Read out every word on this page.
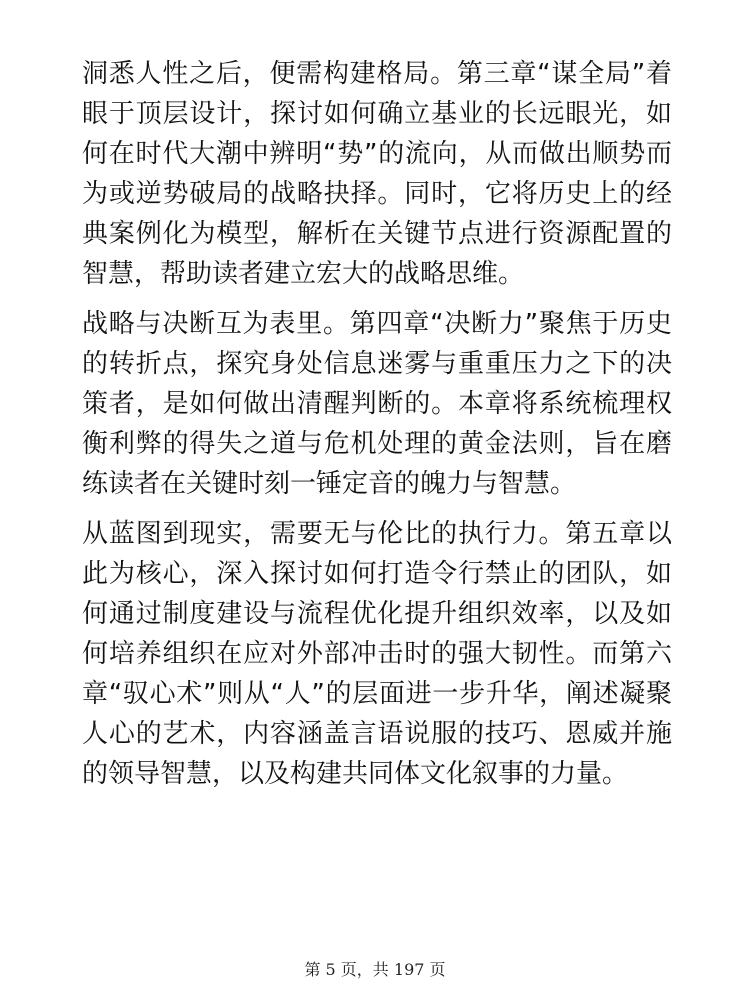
洞悉人性之后，便需构建格局。第三章“谋全局”着眼于顶层设计，探讨如何确立基业的长远眼光，如何在时代大潮中辨明“势”的流向，从而做出顺势而为或逆势破局的战略抉择。同时，它将历史上的经典案例化为模型，解析在关键节点进行资源配置的智慧，帮助读者建立宏大的战略思维。

战略与决断互为表里。第四章“决断力”聚焦于历史的转折点，探究身处信息迷雾与重重压力之下的决策者，是如何做出清醒判断的。本章将系统梳理权衡利弊的得失之道与危机处理的黄金法则，旨在磨练读者在关键时刻一锤定音的魄力与智慧。

从蓝图到现实，需要无与伦比的执行力。第五章以此为核心，深入探讨如何打造令行禁止的团队，如何通过制度建设与流程优化提升组织效率，以及如何培养组织在应对外部冲击时的强大韧性。而第六章“驭心术”则从“人”的层面进一步升华，阐述凝聚人心的艺术，内容涵盖言语说服的技巧、恩威并施的领导智慧，以及构建共同体文化叙事的力量。

第 5 页，共 197 页
